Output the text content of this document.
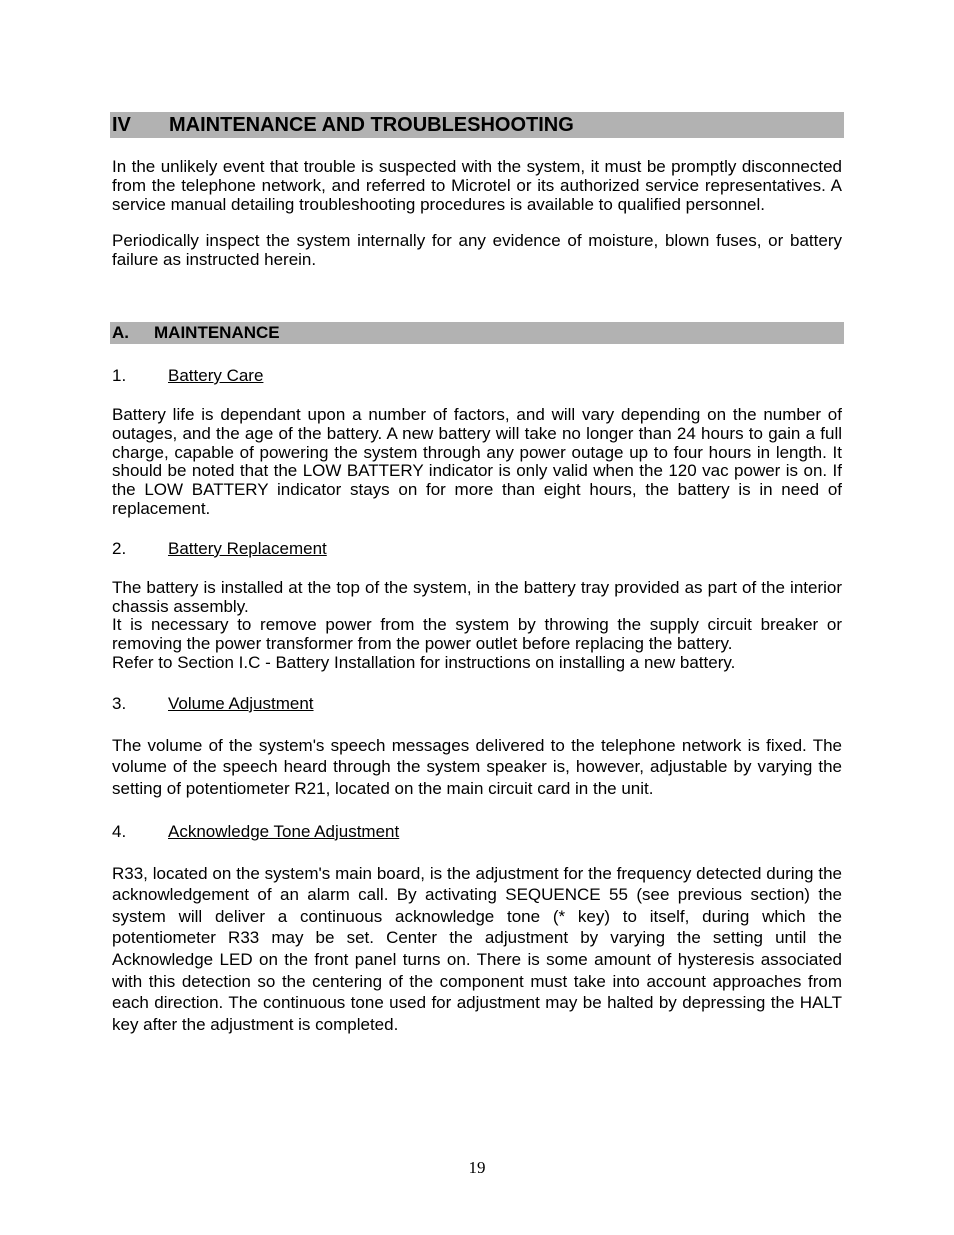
IV	MAINTENANCE AND TROUBLESHOOTING

In the unlikely event that trouble is suspected with the system, it must be promptly disconnected from the telephone network, and referred to Microtel or its authorized service representatives. A service manual detailing troubleshooting procedures is available to qualified personnel.

Periodically inspect the system internally for any evidence of moisture, blown fuses, or battery failure as instructed herein.

A.	MAINTENANCE
1.	Battery Care

Battery life is dependant upon a number of factors, and will vary depending on the number of outages, and the age of the battery. A new battery will take no longer than 24 hours to gain a full charge, capable of powering the system through any power outage up to four hours in length. It should be noted that the LOW BATTERY indicator is only valid when the 120 vac power is on. If the LOW BATTERY indicator stays on for more than eight hours, the battery is in need of replacement.

2.	Battery Replacement

The battery is installed at the top of the system, in the battery tray provided as part of the interior chassis assembly.

It is necessary to remove power from the system by throwing the supply circuit breaker or removing the power transformer from the power outlet before replacing the battery.

Refer to Section I.C - Battery Installation for instructions on installing a new battery.

3.	Volume Adjustment

The volume of the system's speech messages delivered to the telephone network is fixed. The volume of the speech heard through the system speaker is, however, adjustable by varying the setting of potentiometer R21, located on the main circuit card in the unit.

4.	Acknowledge Tone Adjustment

R33, located on the system's main board, is the adjustment for the frequency detected during the acknowledgement of an alarm call. By activating SEQUENCE 55 (see previous section) the system will deliver a continuous acknowledge tone (* key) to itself, during which the potentiometer R33 may be set. Center the adjustment by varying the setting until the Acknowledge LED on the front panel turns on. There is some amount of hysteresis associated with this detection so the centering of the component must take into account approaches from each direction. The continuous tone used for adjustment may be halted by depressing the HALT key after the adjustment is completed.

19
